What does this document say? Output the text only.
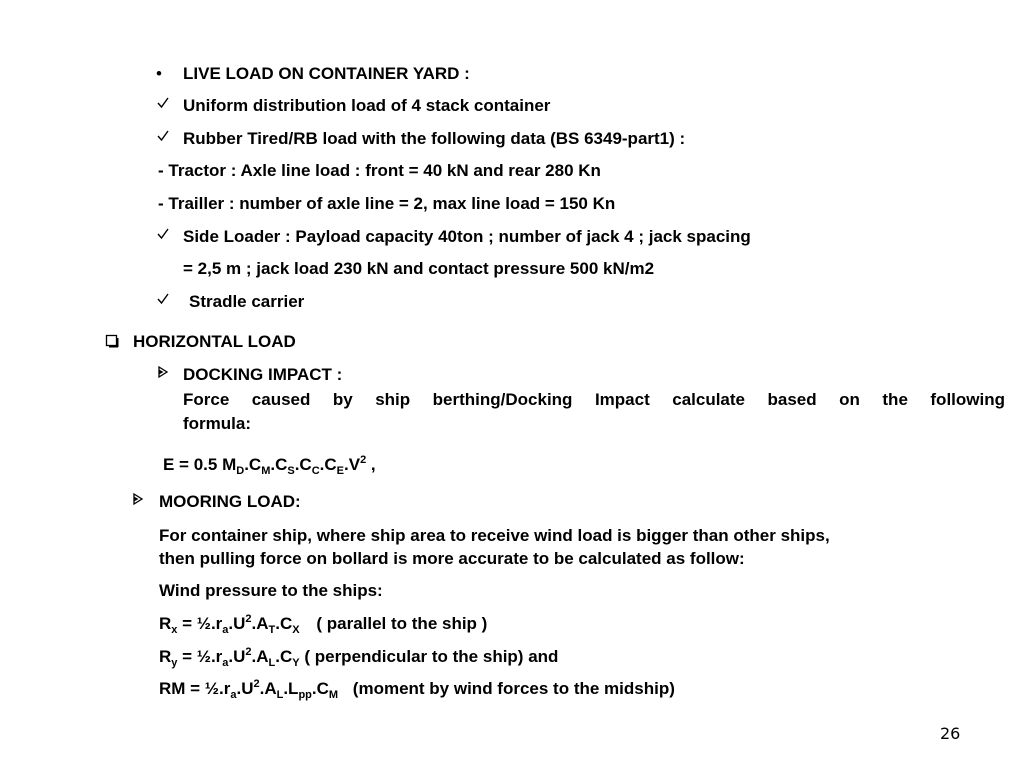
• LIVE LOAD ON CONTAINER YARD :
Uniform distribution load of 4 stack container
Rubber Tired/RB load with the following data (BS 6349-part1) :
- Tractor : Axle line load : front = 40 kN and rear 280 Kn
- Trailler : number of axle line = 2, max line load = 150 Kn
Side Loader : Payload capacity 40ton ; number of jack 4 ; jack spacing
= 2,5 m ; jack load 230 kN and contact pressure 500 kN/m2
Stradle carrier
HORIZONTAL LOAD
DOCKING IMPACT :
Force caused by ship berthing/Docking Impact calculate based on the following
formula:
E = 0.5 $M_D.C_M.C_S.C_C.C_E.V^2$ ,
MOORING LOAD:
For container ship, where ship area to receive wind load is bigger than other ships,
then pulling force on bollard is more accurate to be calculated as follow:
Wind pressure to the ships:
$R_x$ = $\frac{1}{2}.r_a.U^2.A_T.C_X$ ( parallel to the ship )
$R_y$ = $\frac{1}{2}.r_a.U^2.A_L.C_Y$ ( perpendicular to the ship) and
RM = $\frac{1}{2}.r_a.U^2.A_L.L_{pp}.C_M$ (moment by wind forces to the midship)
26
